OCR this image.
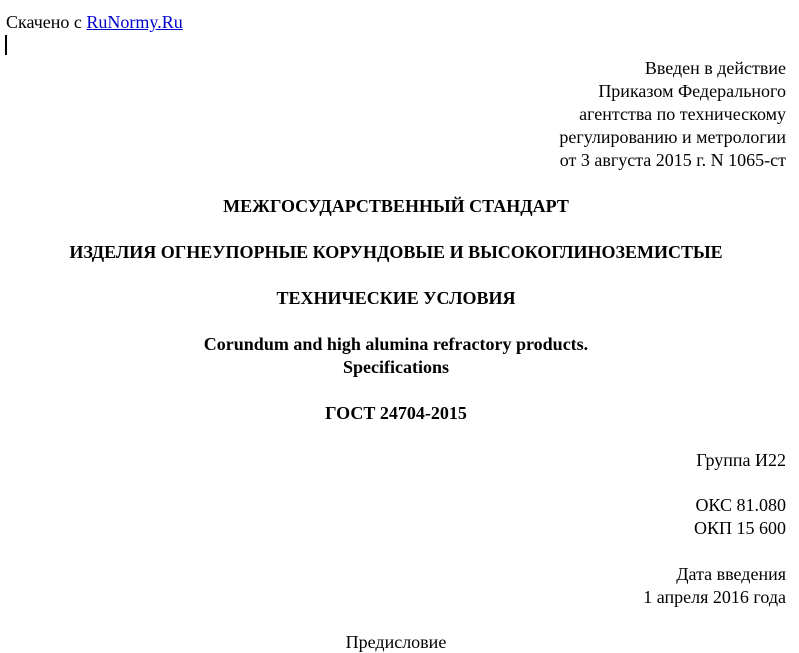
Скачено с RuNormy.Ru
Введен в действие
Приказом Федерального
агентства по техническому
регулированию и метрологии
от 3 августа 2015 г. N 1065-ст
МЕЖГОСУДАРСТВЕННЫЙ СТАНДАРТ
ИЗДЕЛИЯ ОГНЕУПОРНЫЕ КОРУНДОВЫЕ И ВЫСОКОГЛИНОЗЕМИСТЫЕ
ТЕХНИЧЕСКИЕ УСЛОВИЯ
Corundum and high alumina refractory products.
Specifications
ГОСТ 24704-2015
Группа И22
ОКС 81.080
ОКП 15 600
Дата введения
1 апреля 2016 года
Предисловие
